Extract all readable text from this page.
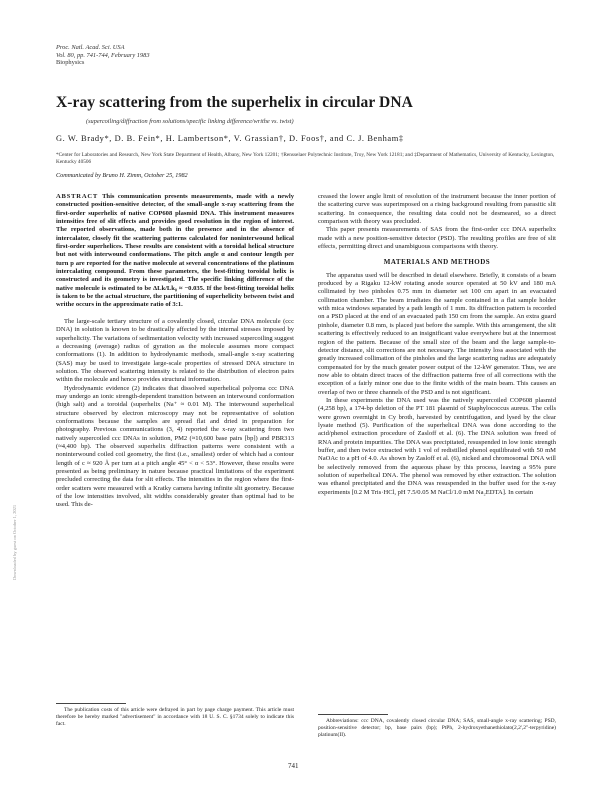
Proc. Natl. Acad. Sci. USA
Vol. 80, pp. 741-744, February 1983
Biophysics
X-ray scattering from the superhelix in circular DNA
(supercoiling/diffraction from solutions/specific linking difference/writhe vs. twist)
G. W. Brady*, D. B. Fein*, H. Lambertson*, V. Grassian†, D. Foos†, and C. J. Benham‡
*Center for Laboratories and Research, New York State Department of Health, Albany, New York 12201; †Rensselaer Polytechnic Institute, Troy, New York 12181; and ‡Department of Mathematics, University of Kentucky, Lexington, Kentucky 40506
Communicated by Bruno H. Zimm, October 25, 1982

ABSTRACT This communication presents measurements, made with a newly constructed position-sensitive detector, of the small-angle x-ray scattering from the first-order superhelix of native COP608 plasmid DNA. This instrument measures intensities free of slit effects and provides good resolution in the region of interest. The reported observations, made both in the presence and in the absence of intercalator, closely fit the scattering patterns calculated for noninterwound helical first-order superhelices. These results are consistent with a toroidal helical structure but not with interwound conformations. The pitch angle α and contour length per turn p are reported for the native molecule at several concentrations of the platinum intercalating compound. From these parameters, the best-fitting toroidal helix is constructed and its geometry is investigated. The specific linking difference of the native molecule is estimated to be ΔLk/Lk₀ ≈ −0.035. If the best-fitting toroidal helix is taken to be the actual structure, the partitioning of superhelicity between twist and writhe occurs in the approximate ratio of 3:1.

The large-scale tertiary structure of a covalently closed, circular DNA molecule (ccc DNA) in solution is known to be drastically affected by the internal stresses imposed by superhelicity. The variations of sedimentation velocity with increased supercoiling suggest a decreasing (average) radius of gyration as the molecule assumes more compact conformations (1). In addition to hydrodynamic methods, small-angle x-ray scattering (SAS) may be used to investigate large-scale properties of stressed DNA structure in solution. The observed scattering intensity is related to the distribution of electron pairs within the molecule and hence provides structural information.

Hydrodynamic evidence (2) indicates that dissolved superhelical polyoma ccc DNA may undergo an ionic strength-dependent transition between an interwound conformation (high salt) and a toroidal (superhelix (Na⁺ ≈ 0.01 M). The interwound superhelical structure observed by electron microscopy may not be representative of solution conformations because the samples are spread flat and dried in preparation for photography. Previous communications (3, 4) reported the x-ray scattering from two natively supercoiled ccc DNAs in solution, PM2 (≈10,600 base pairs [bp]) and PBR313 (≈4,400 bp). The observed superhelix diffraction patterns were consistent with a noninterwound coiled coil geometry, the first (i.e., smallest) order of which had a contour length of c ≈ 920 Å per turn at a pitch angle 45° < α < 53°. However, these results were presented as being preliminary in nature because practical limitations of the experiment precluded correcting the data for slit effects. The intensities in the region where the first-order scatters were measured with a Kratky camera having infinite slit geometry. Because of the low intensities involved, slit widths considerably greater than optimal had to be used. This de-

The publication costs of this article were defrayed in part by page charge payment. This article must therefore be hereby marked "advertisement" in accordance with 18 U. S. C. §1734 solely to indicate this fact.

creased the lower angle limit of resolution of the instrument because the inner portion of the scattering curve was superimposed on a rising background resulting from parasitic slit scattering. In consequence, the resulting data could not be desmeared, so a direct comparison with theory was precluded.

This paper presents measurements of SAS from the first-order ccc DNA superhelix made with a new position-sensitive detector (PSD). The resulting profiles are free of slit effects, permitting direct and unambiguous comparisons with theory.

MATERIALS AND METHODS

The apparatus used will be described in detail elsewhere. Briefly, it consists of a beam produced by a Rigaku 12-kW rotating anode source operated at 50 kV and 180 mA collimated by two pinholes 0.75 mm in diameter set 100 cm apart in an evacuated collimation chamber. The beam irradiates the sample contained in a flat sample holder with mica windows separated by a path length of 1 mm. Its diffraction pattern is recorded on a PSD placed at the end of an evacuated path 150 cm from the sample. An extra guard pinhole, diameter 0.8 mm, is placed just before the sample. With this arrangement, the slit scattering is effectively reduced to an insignificant value everywhere but at the innermost region of the pattern. Because of the small size of the beam and the large sample-to-detector distance, slit corrections are not necessary. The intensity loss associated with the greatly increased collimation of the pinholes and the large scattering radius are adequately compensated for by the much greater power output of the 12-kW generator. Thus, we are now able to obtain direct traces of the diffraction patterns free of all corrections with the exception of a fairly minor one due to the finite width of the main beam. This causes an overlap of two or three channels of the PSD and is not significant.

In these experiments the DNA used was the natively supercoiled COP608 plasmid (4,258 bp), a 174-bp deletion of the PT 181 plasmid of Staphylococcus aureus. The cells were grown overnight in Cy broth, harvested by centrifugation, and lysed by the clear lysate method (5). Purification of the superhelical DNA was done according to the acid/phenol extraction procedure of Zasloff et al. (6). The DNA solution was freed of RNA and protein impurities. The DNA was precipitated, resuspended in low ionic strength buffer, and then twice extracted with 1 vol of redistilled phenol equilibrated with 50 mM NaOAc to a pH of 4.0. As shown by Zasloff et al. (6), nicked and chromosomal DNA will be selectively removed from the aqueous phase by this process, leaving a 95% pure solution of superhelical DNA. The phenol was removed by ether extraction. The solution was ethanol precipitated and the DNA was resuspended in the buffer used for the x-ray experiments [0.2 M Tris·HCl, pH 7.5/0.05 M NaCl/1.0 mM Na₂EDTA]. In certain

Abbreviations: ccc DNA, covalently closed circular DNA; SAS, small-angle x-ray scattering; PSD, position-sensitive detector; bp, base pairs (bp); PtPh, 2-hydroxyethanethiolato(2,2',2"-terpyridine) platinum(II).

741
Downloaded by guest on October 1, 2021
